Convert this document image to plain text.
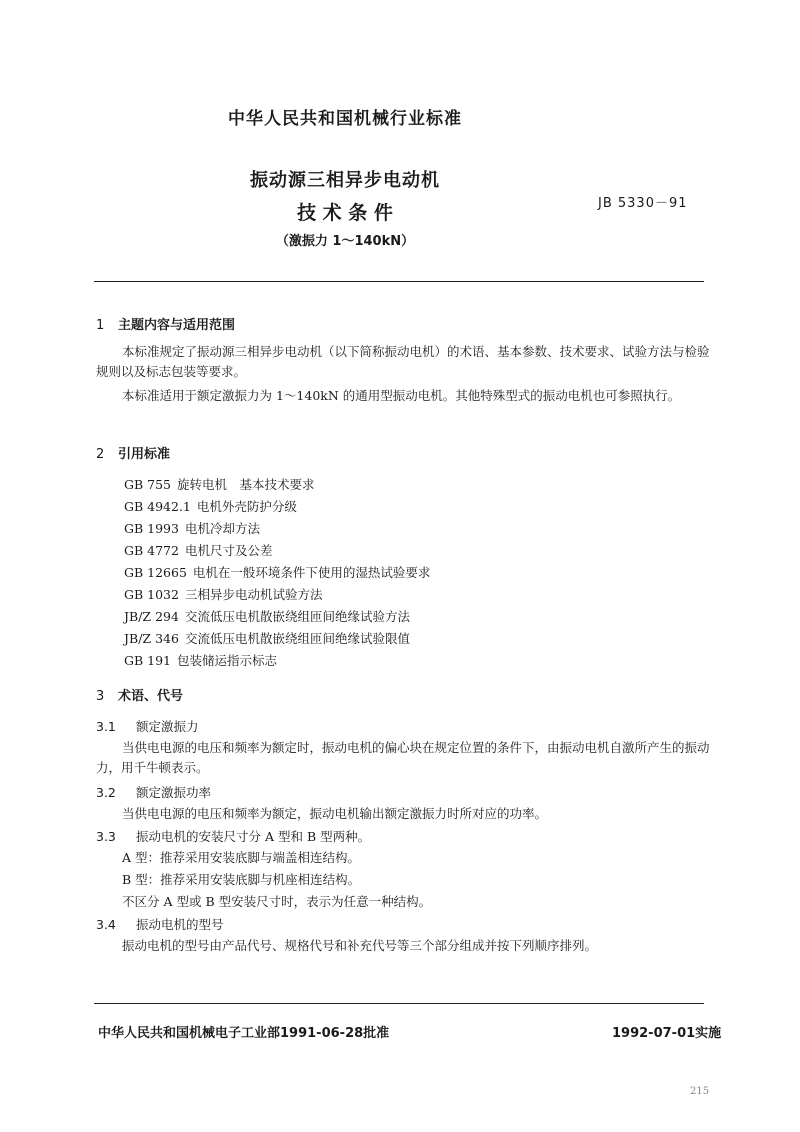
中华人民共和国机械行业标准
振动源三相异步电动机
技 术 条 件
（激振力 1～140kN）
JB 5330－91
1 主题内容与适用范围
本标准规定了振动源三相异步电动机（以下简称振动电机）的术语、基本参数、技术要求、试验方法与检验规则以及标志包装等要求。
本标准适用于额定激振力为 1～140kN 的通用型振动电机。其他特殊型式的振动电机也可参照执行。
2 引用标准
GB 755 旋转电机　基本技术要求
GB 4942.1 电机外壳防护分级
GB 1993 电机冷却方法
GB 4772 电机尺寸及公差
GB 12665 电机在一般环境条件下使用的湿热试验要求
GB 1032 三相异步电动机试验方法
JB/Z 294 交流低压电机散嵌绕组匝间绝缘试验方法
JB/Z 346 交流低压电机散嵌绕组匝间绝缘试验限值
GB 191 包装储运指示标志
3 术语、代号
3.1 额定激振力
当供电电源的电压和频率为额定时，振动电机的偏心块在规定位置的条件下，由振动电机自激所产生的振动力，用千牛顿表示。
3.2 额定激振功率
当供电电源的电压和频率为额定，振动电机输出额定激振力时所对应的功率。
3.3 振动电机的安装尺寸分 A 型和 B 型两种。
A 型：推荐采用安装底脚与端盖相连结构。
B 型：推荐采用安装底脚与机座相连结构。
不区分 A 型或 B 型安装尺寸时，表示为任意一种结构。
3.4 振动电机的型号
振动电机的型号由产品代号、规格代号和补充代号等三个部分组成并按下列顺序排列。
中华人民共和国机械电子工业部1991-06-28批准	1992-07-01实施
215
